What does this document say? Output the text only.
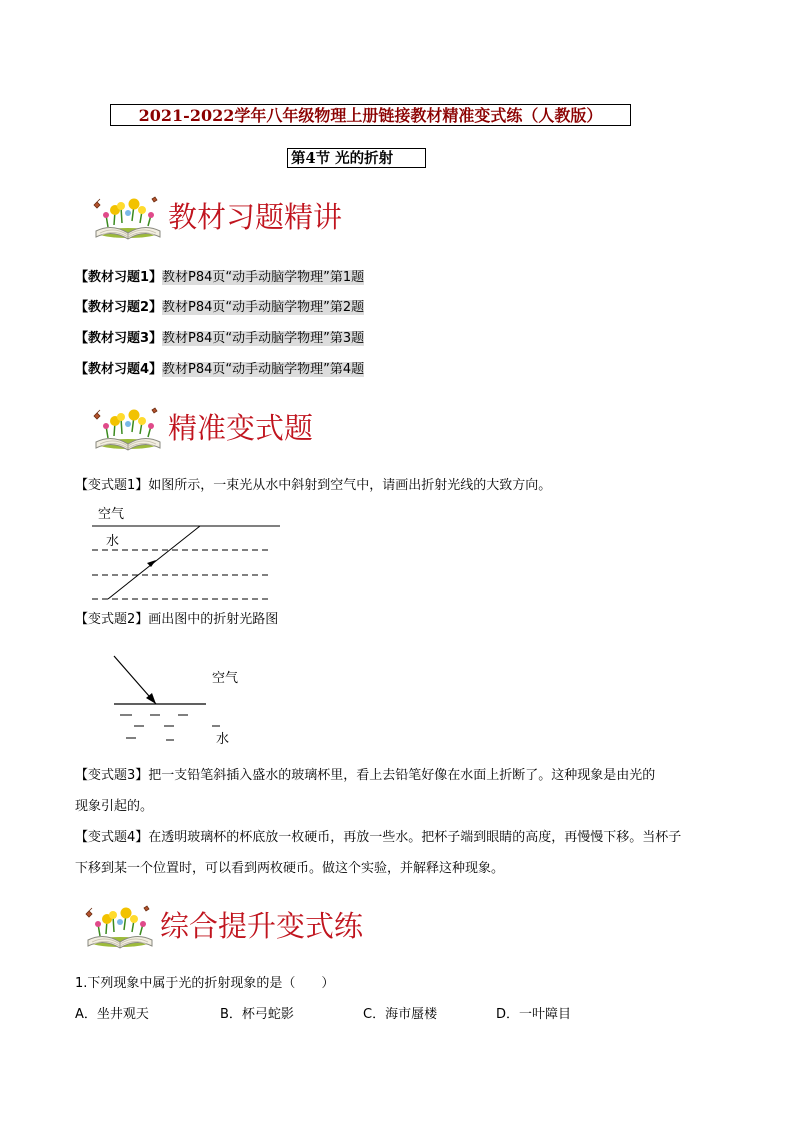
2021-2022学年八年级物理上册链接教材精准变式练（人教版）
第4节 光的折射
教材习题精讲
【教材习题1】教材P84页“动手动脑学物理”第1题
【教材习题2】教材P84页“动手动脑学物理”第2题
【教材习题3】教材P84页“动手动脑学物理”第3题
【教材习题4】教材P84页“动手动脑学物理”第4题
精准变式题
【变式题1】如图所示，一束光从水中斜射到空气中，请画出折射光线的大致方向。
空气
水
【变式题2】画出图中的折射光路图
空气
水
【变式题3】把一支铅笔斜插入盛水的玻璃杯里，看上去铅笔好像在水面上折断了。这种现象是由光的
现象引起的。
【变式题4】在透明玻璃杯的杯底放一枚硬币，再放一些水。把杯子端到眼睛的高度，再慢慢下移。当杯子
下移到某一个位置时，可以看到两枚硬币。做这个实验，并解释这种现象。
综合提升变式练
1.下列现象中属于光的折射现象的是（　　）
A．坐井观天	B．杯弓蛇影	C．海市蜃楼	D．一叶障目
